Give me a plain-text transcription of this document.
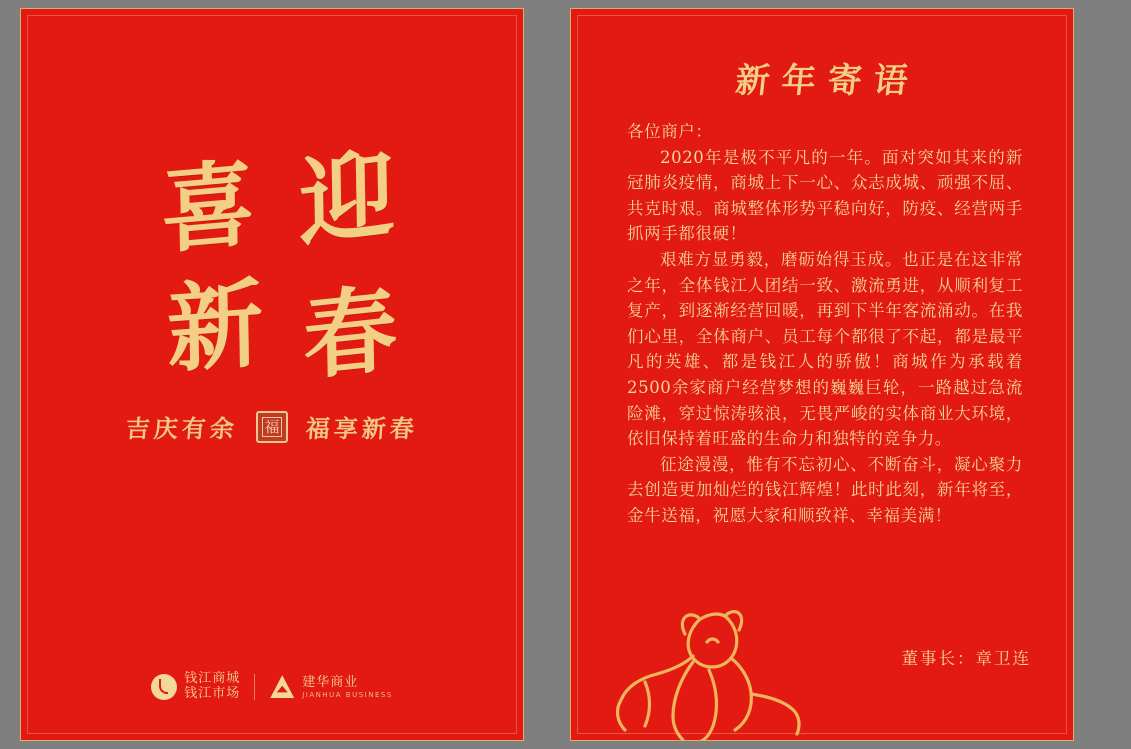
喜 迎
新 春
吉庆有余	福 福享新春
钱江商城
钱江市场
建华商业
JIANHUA BUSINESS
新年寄语

各位商户：

2020年是极不平凡的一年。面对突如其来的新冠肺炎疫情，商城上下一心、众志成城、顽强不屈、共克时艰。商城整体形势平稳向好，防疫、经营两手抓两手都很硬！

艰难方显勇毅，磨砺始得玉成。也正是在这非常之年，全体钱江人团结一致、激流勇进，从顺利复工复产，到逐渐经营回暖，再到下半年客流涌动。在我们心里，全体商户、员工每个都很了不起，都是最平凡的英雄、都是钱江人的骄傲！商城作为承载着2500余家商户经营梦想的巍巍巨轮，一路越过急流险滩，穿过惊涛骇浪，无畏严峻的实体商业大环境，依旧保持着旺盛的生命力和独特的竞争力。

征途漫漫，惟有不忘初心、不断奋斗，凝心聚力去创造更加灿烂的钱江辉煌！此时此刻，新年将至，金牛送福，祝愿大家和顺致祥、幸福美满！

董事长：章卫连
